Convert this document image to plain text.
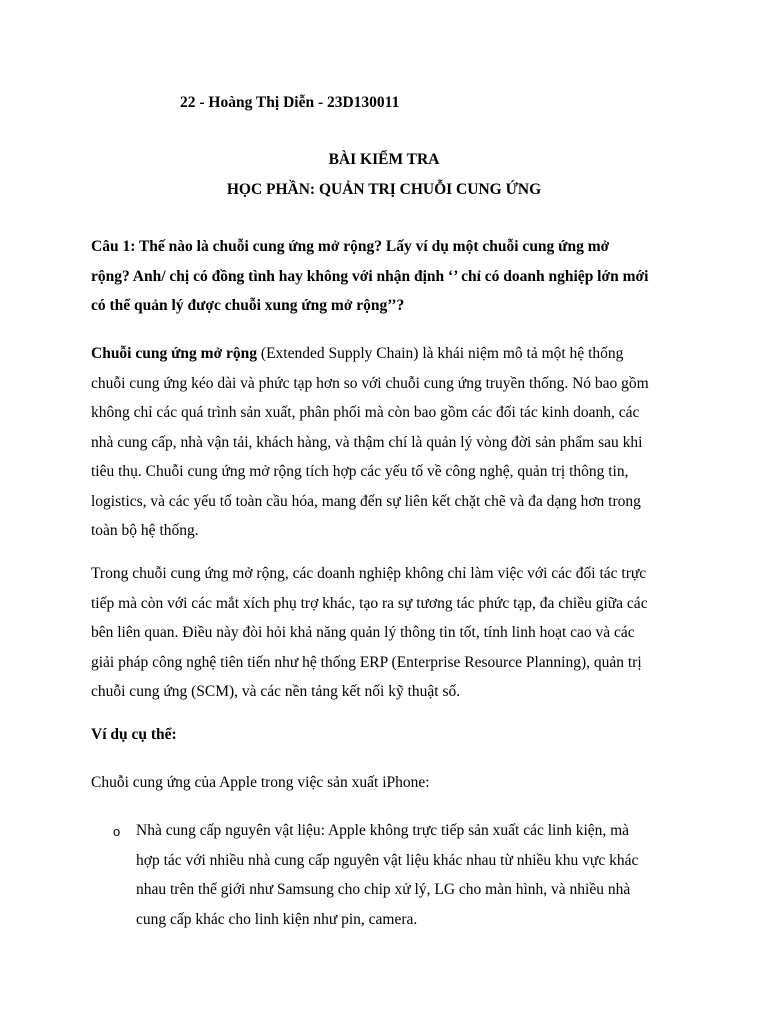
22 - Hoàng Thị Diễn - 23D130011
BÀI KIỂM TRA
HỌC PHẦN: QUẢN TRỊ CHUỖI CUNG ỨNG
Câu 1: Thế nào là chuỗi cung ứng mở rộng? Lấy ví dụ một chuỗi cung ứng mở
rộng? Anh/ chị có đồng tình hay không với nhận định ‘’ chỉ có doanh nghiệp lớn mới
có thể quản lý được chuỗi xung ứng mở rộng’’?
Chuỗi cung ứng mở rộng (Extended Supply Chain) là khái niệm mô tả một hệ thống
chuỗi cung ứng kéo dài và phức tạp hơn so với chuỗi cung ứng truyền thống. Nó bao gồm
không chỉ các quá trình sản xuất, phân phối mà còn bao gồm các đối tác kinh doanh, các
nhà cung cấp, nhà vận tải, khách hàng, và thậm chí là quản lý vòng đời sản phẩm sau khi
tiêu thụ. Chuỗi cung ứng mở rộng tích hợp các yếu tố về công nghệ, quản trị thông tin,
logistics, và các yếu tố toàn cầu hóa, mang đến sự liên kết chặt chẽ và đa dạng hơn trong
toàn bộ hệ thống.
Trong chuỗi cung ứng mở rộng, các doanh nghiệp không chỉ làm việc với các đối tác trực
tiếp mà còn với các mắt xích phụ trợ khác, tạo ra sự tương tác phức tạp, đa chiều giữa các
bên liên quan. Điều này đòi hỏi khả năng quản lý thông tin tốt, tính linh hoạt cao và các
giải pháp công nghệ tiên tiến như hệ thống ERP (Enterprise Resource Planning), quản trị
chuỗi cung ứng (SCM), và các nền tảng kết nối kỹ thuật số.
Ví dụ cụ thể:
Chuỗi cung ứng của Apple trong việc sản xuất iPhone:
o Nhà cung cấp nguyên vật liệu: Apple không trực tiếp sản xuất các linh kiện, mà
hợp tác với nhiều nhà cung cấp nguyên vật liệu khác nhau từ nhiều khu vực khác
nhau trên thế giới như Samsung cho chip xử lý, LG cho màn hình, và nhiều nhà
cung cấp khác cho linh kiện như pin, camera.
